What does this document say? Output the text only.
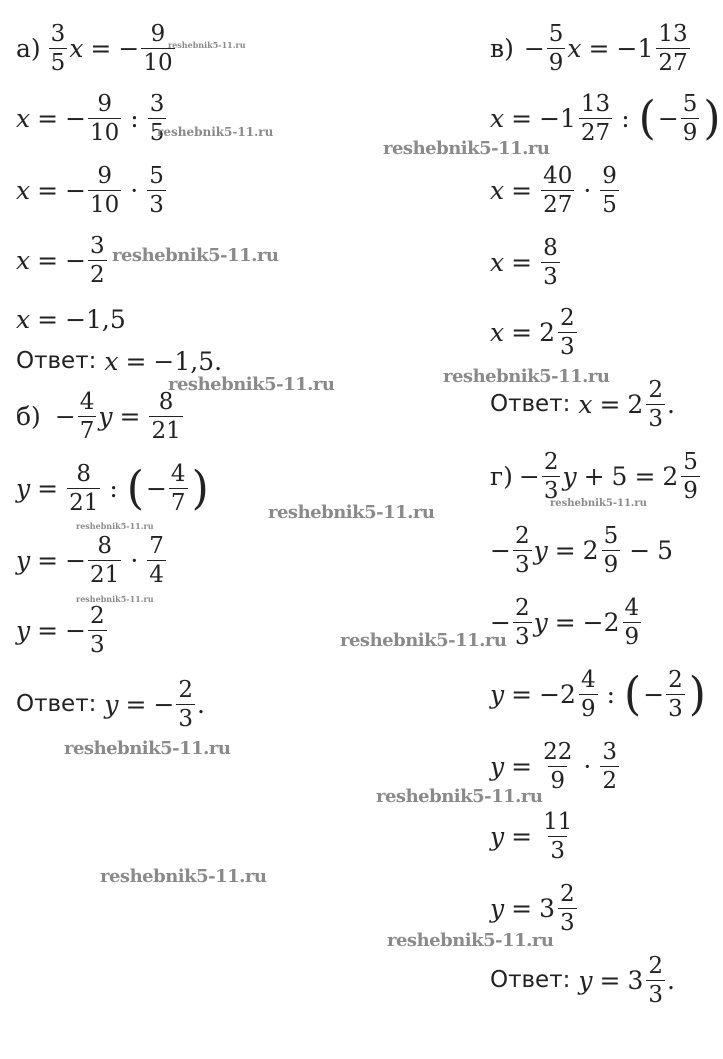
$а) \frac{3}{5}$ x = − $\frac{9}{10}$
x = − $\frac{9}{10}$ : $\frac{3}{5}$
x = − $\frac{9}{10} \cdot \frac{5}{3}$
x = − $\frac{3}{2}$
x = −1,5
Ответ: x = −1,5 .
$б) - \frac{4}{7}$ $y = \frac{8}{21}$
$y = \frac{8}{21}$ : ( − $\frac{4}{7}$ )
y = − $\frac{8}{21} \cdot \frac{7}{4}$
y = − $\frac{2}{3}$
Ответ: y = − $\frac{2}{3}$ .
$в) - \frac{5}{9}$ x = − $1 \frac{13}{27}$
x = − $1 \frac{13}{27}$ : ( − $\frac{5}{9}$ )
$x = \frac{40}{27} \cdot \frac{9}{5}$
$x = \frac{8}{3}$
$x = 2 \frac{2}{3}$
Ответ: $x = 2 \frac{2}{3}$ .
$г) - \frac{2}{3}$ $y + 5 = 2 \frac{5}{9}$
− $\frac{2}{3}$ $y = 2 \frac{5}{9} - 5$
− $\frac{2}{3}$ y = − $2 \frac{4}{9}$
y = − $2 \frac{4}{9}$ : ( − $\frac{2}{3}$ )
$y = \frac{22}{9} \cdot \frac{3}{2}$
$y = \frac{11}{3}$
$y = 3 \frac{2}{3}$
Ответ: $y = 3 \frac{2}{3}$ .
reshebnik5-11.ru
reshebnik5-11.ru
reshebnik5-11.ru
reshebnik5-11.ru
reshebnik5-11.ru
reshebnik5-11.ru
reshebnik5-11.ru
reshebnik5-11.ru
reshebnik5-11.ru
reshebnik5-11.ru
reshebnik5-11.ru
reshebnik5-11.ru
reshebnik5-11.ru
reshebnik5-11.ru
reshebnik5-11.ru
